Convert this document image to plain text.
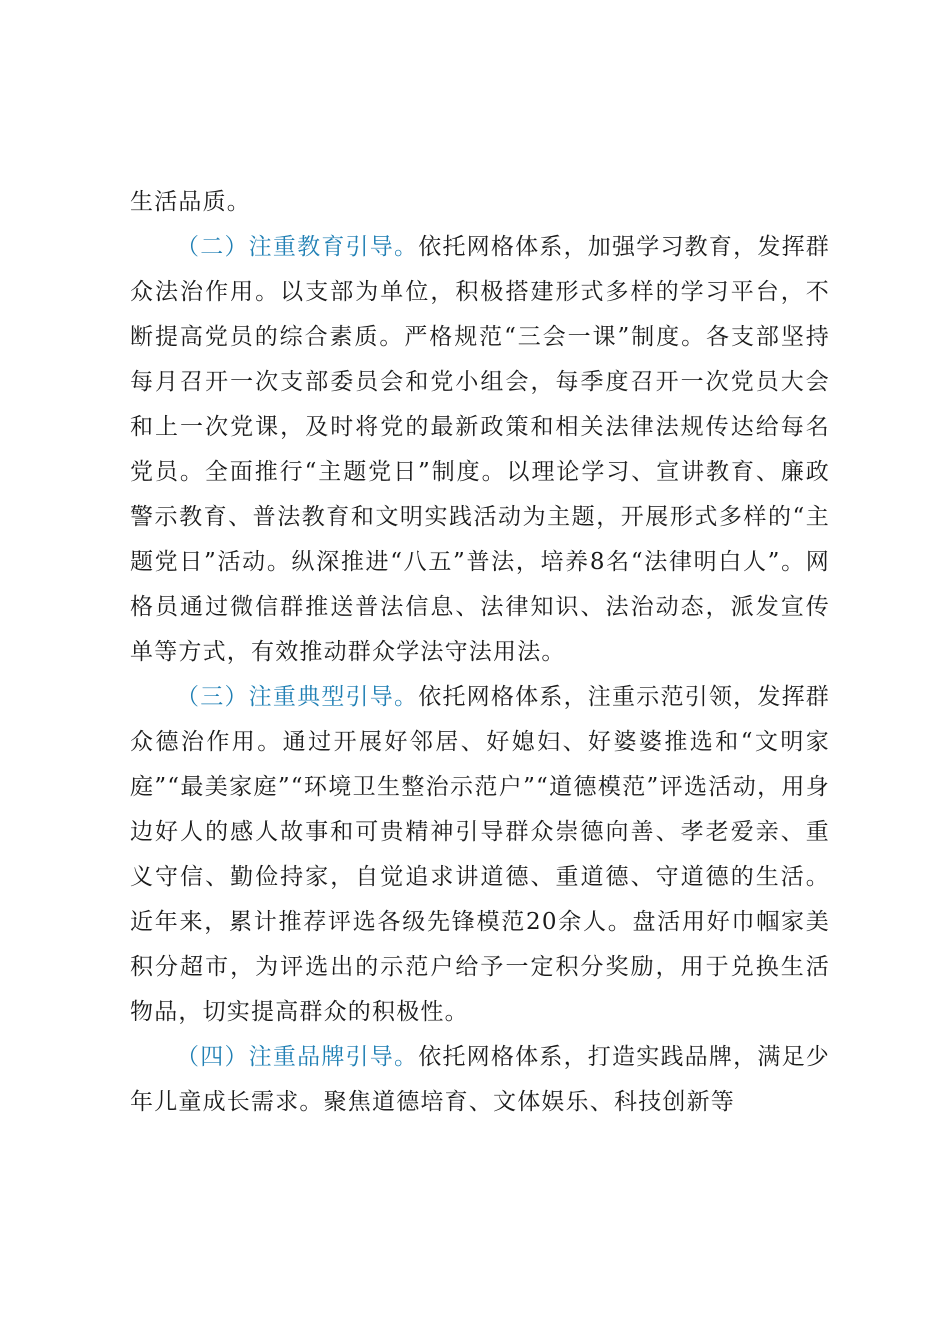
生活品质。

（二）注重教育引导。依托网格体系，加强学习教育，发挥群众法治作用。以支部为单位，积极搭建形式多样的学习平台，不断提高党员的综合素质。严格规范“三会一课”制度。各支部坚持每月召开一次支部委员会和党小组会，每季度召开一次党员大会和上一次党课，及时将党的最新政策和相关法律法规传达给每名党员。全面推行“主题党日”制度。以理论学习、宣讲教育、廉政警示教育、普法教育和文明实践活动为主题，开展形式多样的“主题党日”活动。纵深推进“八五”普法，培养8名“法律明白人”。网格员通过微信群推送普法信息、法律知识、法治动态，派发宣传单等方式，有效推动群众学法守法用法。

（三）注重典型引导。依托网格体系，注重示范引领，发挥群众德治作用。通过开展好邻居、好媳妇、好婆婆推选和“文明家庭”“最美家庭”“环境卫生整治示范户”“道德模范”评选活动，用身边好人的感人故事和可贵精神引导群众崇德向善、孝老爱亲、重义守信、勤俭持家，自觉追求讲道德、重道德、守道德的生活。近年来，累计推荐评选各级先锋模范20余人。盘活用好巾帼家美积分超市，为评选出的示范户给予一定积分奖励，用于兑换生活物品，切实提高群众的积极性。

（四）注重品牌引导。依托网格体系，打造实践品牌，满足少年儿童成长需求。聚焦道德培育、文体娱乐、科技创新等
